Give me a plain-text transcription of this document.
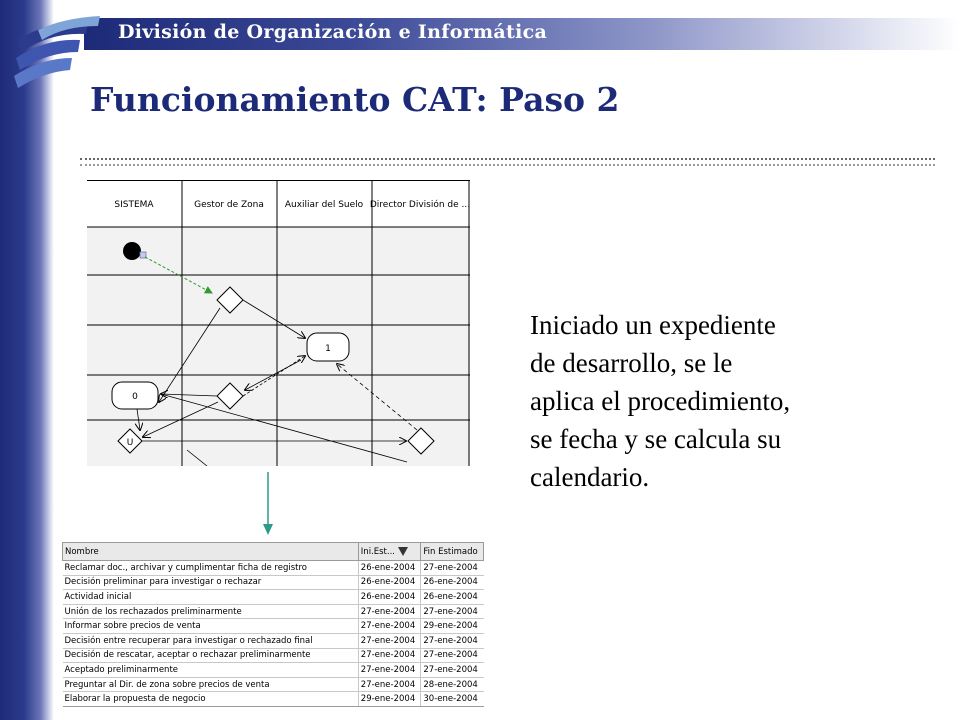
División de Organización e Informática
Funcionamiento CAT: Paso 2
SISTEMA	Gestor de Zona Auxiliar del Suelo Director División de ...
1
0
U
Iniciado un expediente
de desarrollo, se le
aplica el procedimiento,
se fecha y se calcula su
calendario.
Nombre	Ini.Est...	Fin Estimado
Reclamar doc., archivar y cumplimentar ficha de registro	26-ene-2004	27-ene-2004
Decisión preliminar para investigar o rechazar	26-ene-2004	26-ene-2004
Actividad inicial	26-ene-2004	26-ene-2004
Unión de los rechazados preliminarmente	27-ene-2004	27-ene-2004
Informar sobre precios de venta	27-ene-2004	29-ene-2004
Decisión entre recuperar para investigar o rechazado final	27-ene-2004	27-ene-2004
Decisión de rescatar, aceptar o rechazar preliminarmente	27-ene-2004	27-ene-2004
Aceptado preliminarmente	27-ene-2004	27-ene-2004
Preguntar al Dir. de zona sobre precios de venta	27-ene-2004	28-ene-2004
Elaborar la propuesta de negocio	29-ene-2004	30-ene-2004
